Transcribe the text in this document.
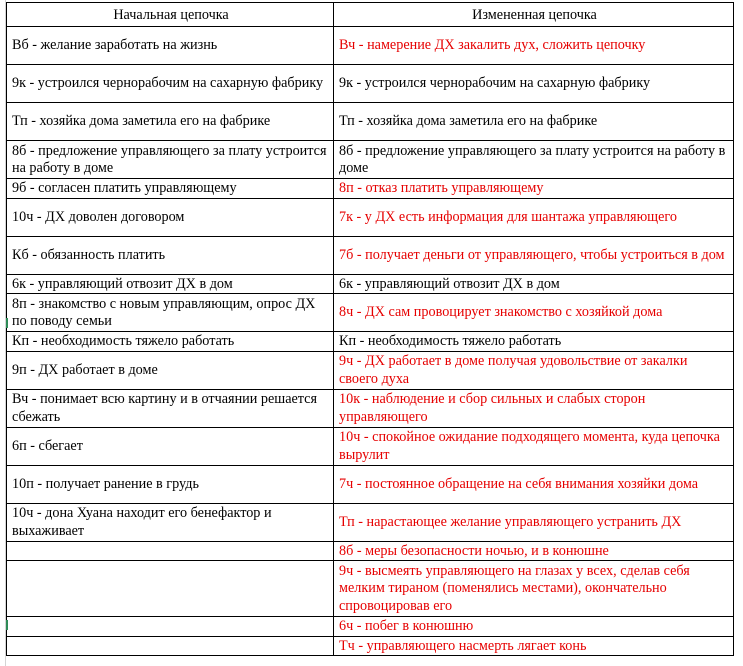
Начальная цепочка	Измененная цепочка
Вб - желание заработать на жизнь	Вч - намерение ДХ закалить дух, сложить цепочку
9к - устроился чернорабочим на сахарную фабрику	9к - устроился чернорабочим на сахарную фабрику
Тп - хозяйка дома заметила его на фабрике	Тп - хозяйка дома заметила его на фабрике
8б - предложение управляющего за плату устроится на работу в доме	8б - предложение управляющего за плату устроится на работу в доме
9б - согласен платить управляющему	8п - отказ платить управляющему
10ч - ДХ доволен договором	7к - у ДХ есть информация для шантажа управляющего
Кб - обязанность платить	7б - получает деньги от управляющего, чтобы устроиться в дом
6к - управляющий отвозит ДХ в дом	6к - управляющий отвозит ДХ в дом
8п - знакомство с новым управляющим, опрос ДХ по поводу семьи	8ч - ДХ сам провоцирует знакомство с хозяйкой дома
Кп - необходимость тяжело работать	Кп - необходимость тяжело работать
9п - ДХ работает в доме	9ч - ДХ работает в доме получая удовольствие от закалки своего духа
Вч - понимает всю картину и в отчаянии решается сбежать	10к - наблюдение и сбор сильных и слабых сторон управляющего
6п - сбегает	10ч - спокойное ожидание подходящего момента, куда цепочка вырулит
10п - получает ранение в грудь	7ч - постоянное обращение на себя внимания хозяйки дома
10ч - дона Хуана находит его бенефактор и выхаживает	Тп - нарастающее желание управляющего устранить ДХ
	8б - меры безопасности ночью, и в конюшне
	9ч - высмеять управляющего на глазах у всех, сделав себя мелким тираном (поменялись местами), окончательно спровоцировав его
	6ч - побег в конюшню
	Тч - управляющего насмерть лягает конь
